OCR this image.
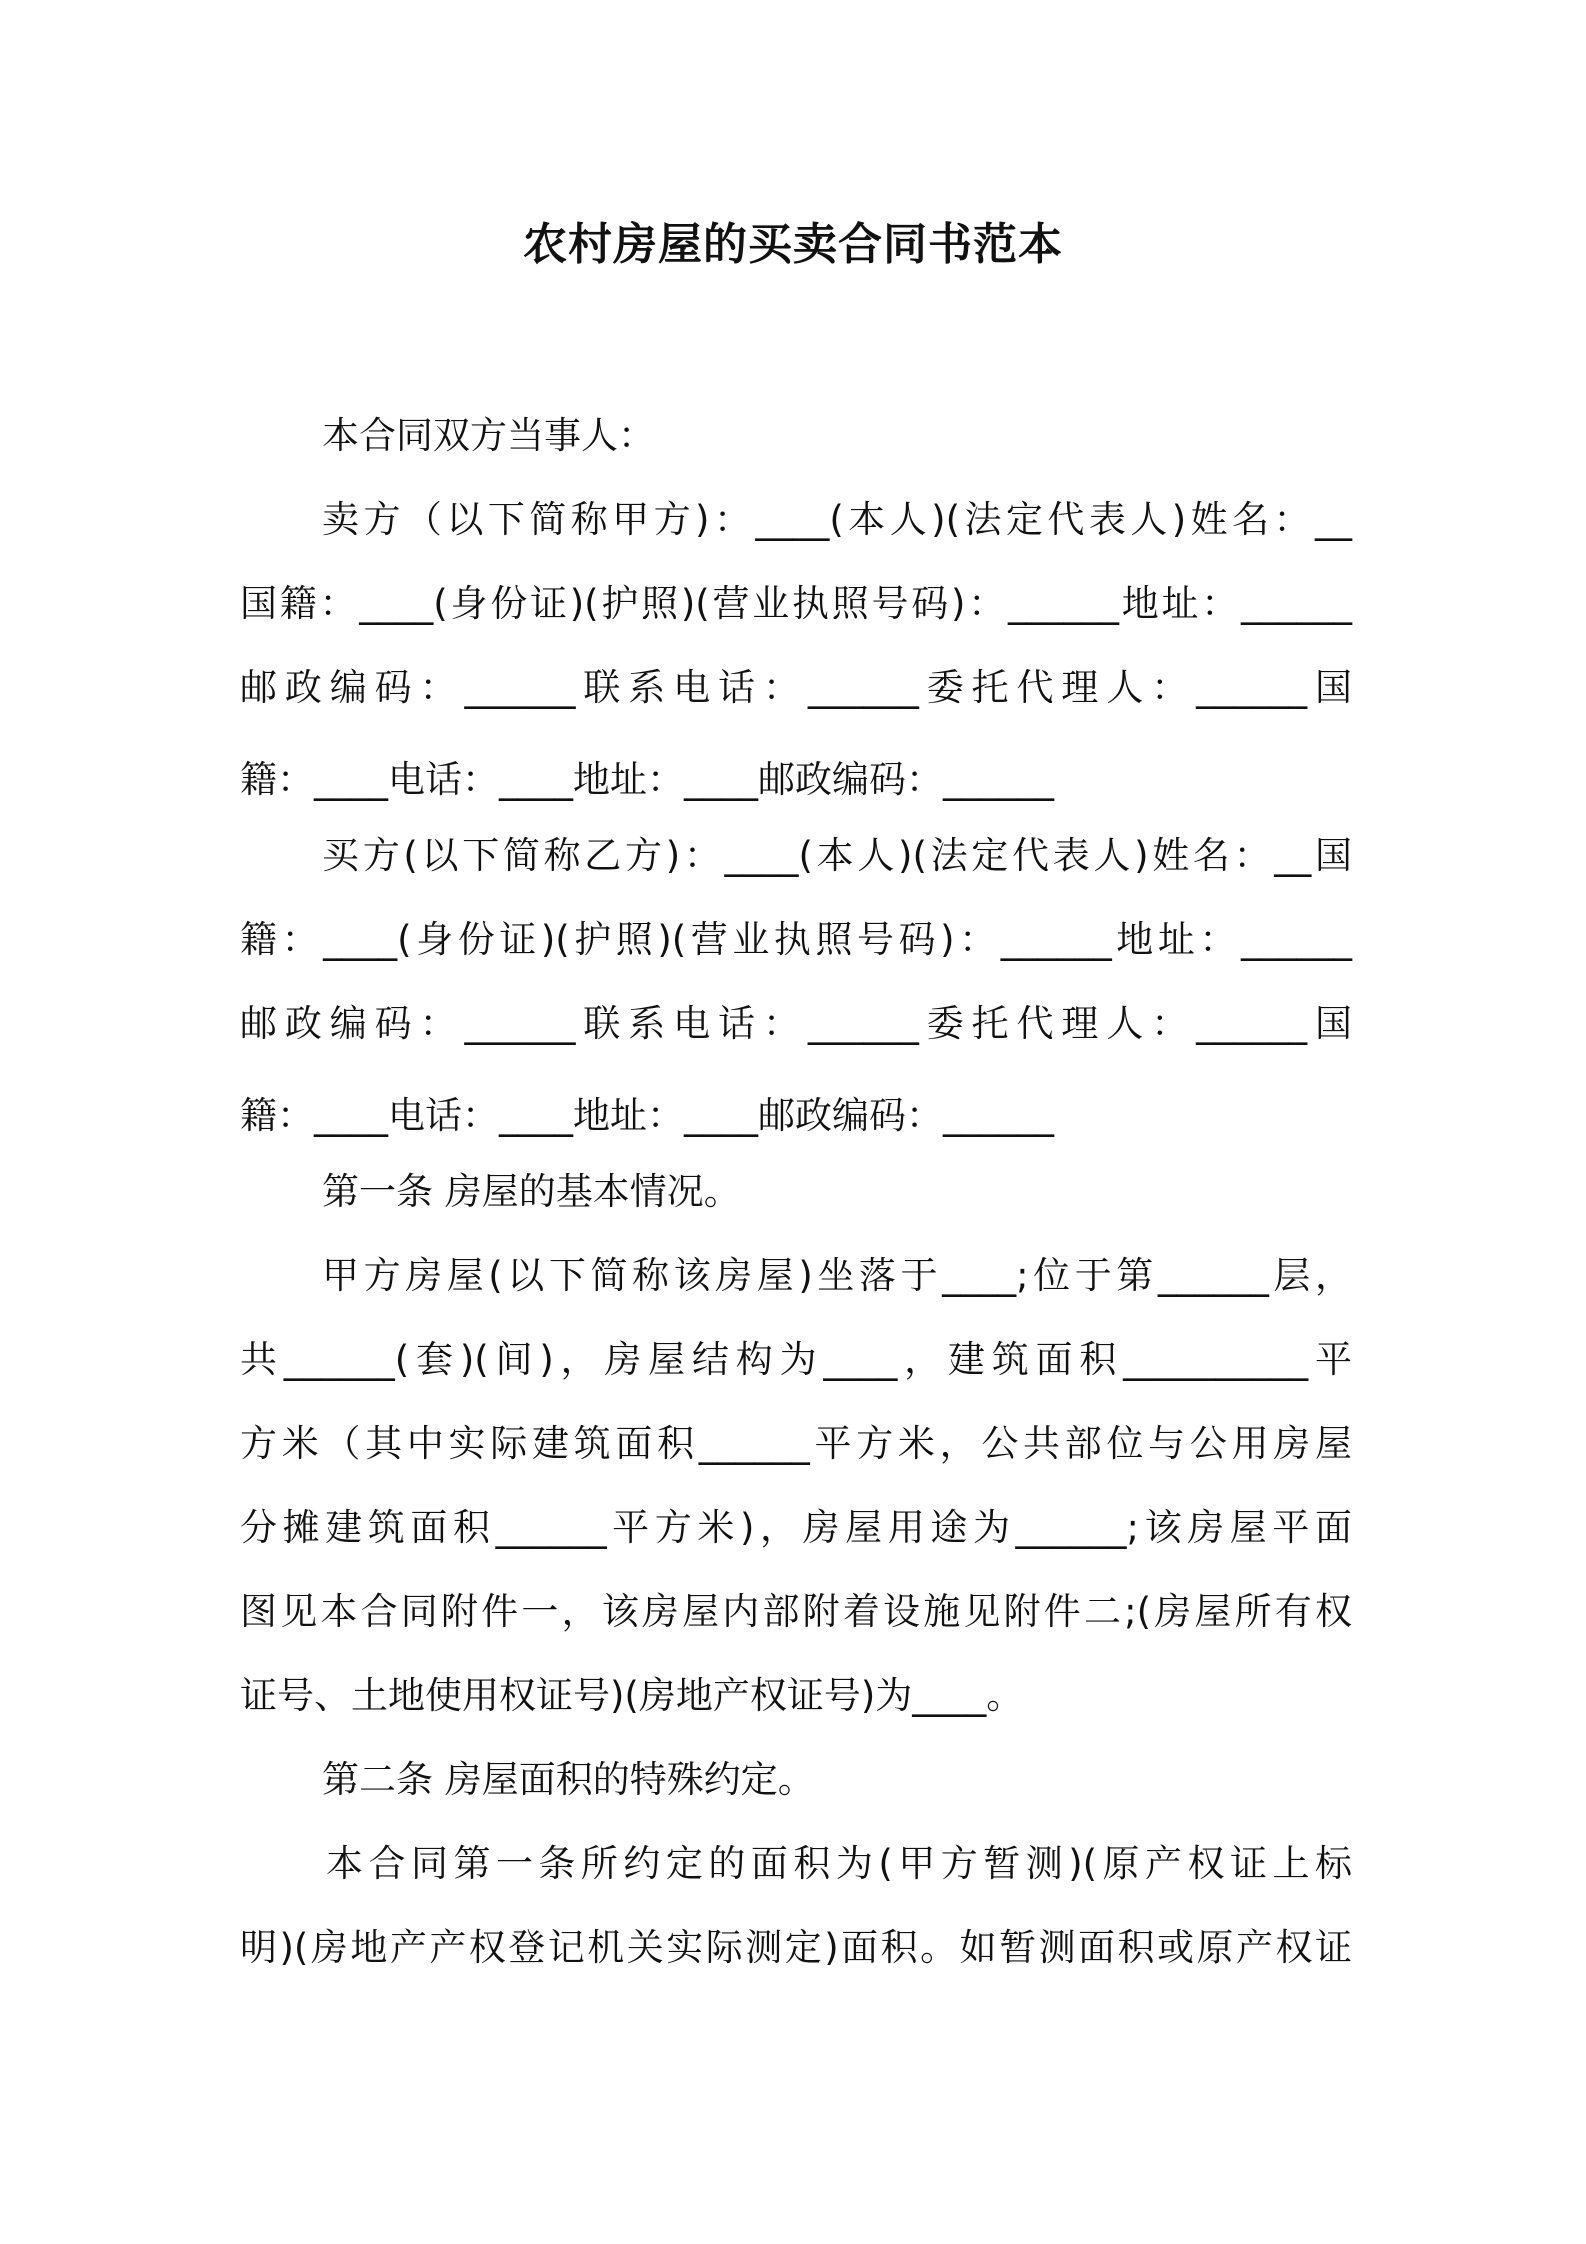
农村房屋的买卖合同书范本
本合同双方当事人：
卖方（以下简称甲方)：____(本人)(法定代表人)姓名：__
国籍：____(身份证)(护照)(营业执照号码)：______地址：______
邮政编码：______联系电话：______委托代理人：______国
籍：____电话：____地址：____邮政编码：______
买方(以下简称乙方)：____(本人)(法定代表人)姓名：__国
籍：____(身份证)(护照)(营业执照号码)：______地址：______
邮政编码：______联系电话：______委托代理人：______国
籍：____电话：____地址：____邮政编码：______
第一条 房屋的基本情况。
甲方房屋(以下简称该房屋)坐落于____;位于第______层，
共______(套)(间)，房屋结构为____，建筑面积__________平
方米（其中实际建筑面积______平方米，公共部位与公用房屋
分摊建筑面积______平方米)，房屋用途为______;该房屋平面
图见本合同附件一，该房屋内部附着设施见附件二;(房屋所有权
证号、土地使用权证号)(房地产权证号)为____。
第二条 房屋面积的特殊约定。
本合同第一条所约定的面积为(甲方暂测)(原产权证上标
明)(房地产产权登记机关实际测定)面积。如暂测面积或原产权证
